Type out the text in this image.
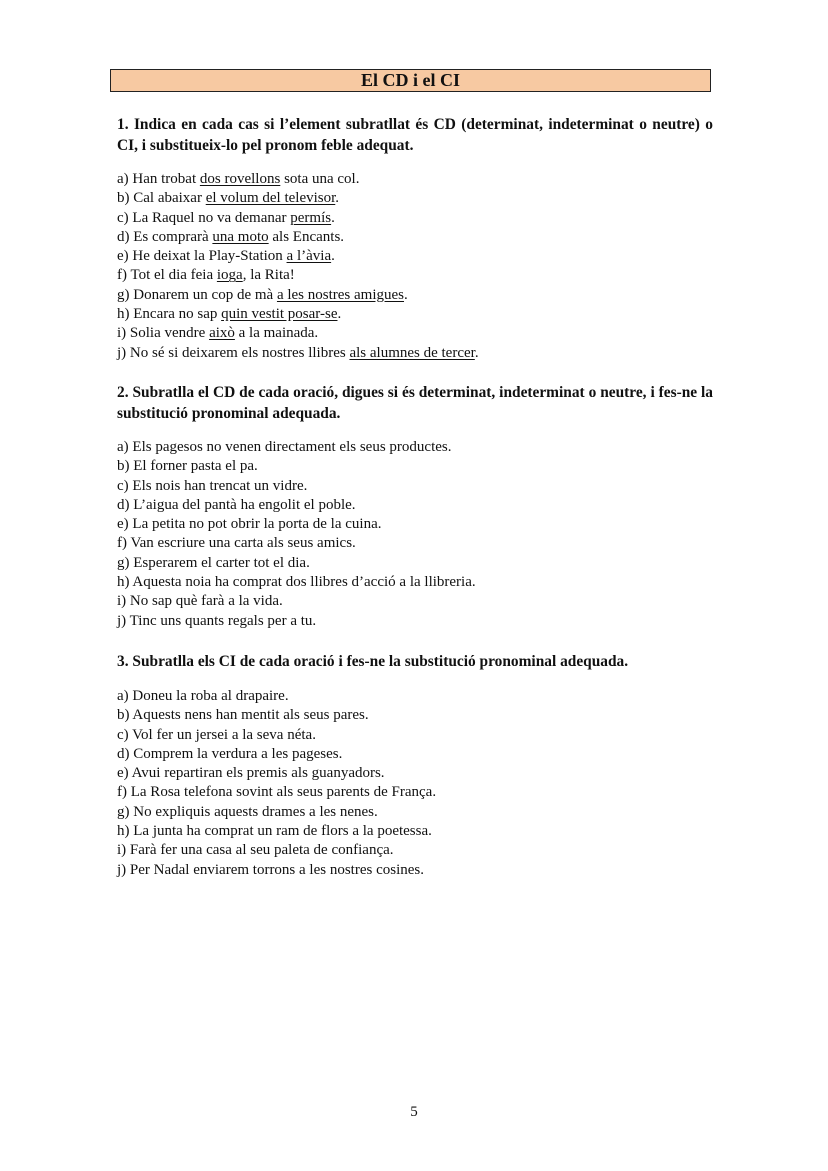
El CD i el CI

1. Indica en cada cas si l’element subratllat és CD (determinat, indeterminat o neutre) o CI, i substitueix-lo pel pronom feble adequat.

a) Han trobat dos rovellons sota una col.
b) Cal abaixar el volum del televisor.
c) La Raquel no va demanar permís.
d) Es comprarà una moto als Encants.
e) He deixat la Play-Station a l’àvia.
f) Tot el dia feia ioga, la Rita!
g) Donarem un cop de mà a les nostres amigues.
h) Encara no sap quin vestit posar-se.
i) Solia vendre això a la mainada.
j) No sé si deixarem els nostres llibres als alumnes de tercer.

2. Subratlla el CD de cada oració, digues si és determinat, indeterminat o neutre, i fes-ne la substitució pronominal adequada.

a) Els pagesos no venen directament els seus productes.
b) El forner pasta el pa.
c) Els nois han trencat un vidre.
d) L’aigua del pantà ha engolit el poble.
e) La petita no pot obrir la porta de la cuina.
f) Van escriure una carta als seus amics.
g) Esperarem el carter tot el dia.
h) Aquesta noia ha comprat dos llibres d’acció a la llibreria.
i) No sap què farà a la vida.
j) Tinc uns quants regals per a tu.

3. Subratlla els CI de cada oració i fes-ne la substitució pronominal adequada.

a) Doneu la roba al drapaire.
b) Aquests nens han mentit als seus pares.
c) Vol fer un jersei a la seva néta.
d) Comprem la verdura a les pageses.
e) Avui repartiran els premis als guanyadors.
f) La Rosa telefona sovint als seus parents de França.
g) No expliquis aquests drames a les nenes.
h) La junta ha comprat un ram de flors a la poetessa.
i) Farà fer una casa al seu paleta de confiança.
j) Per Nadal enviarem torrons a les nostres cosines.
5
